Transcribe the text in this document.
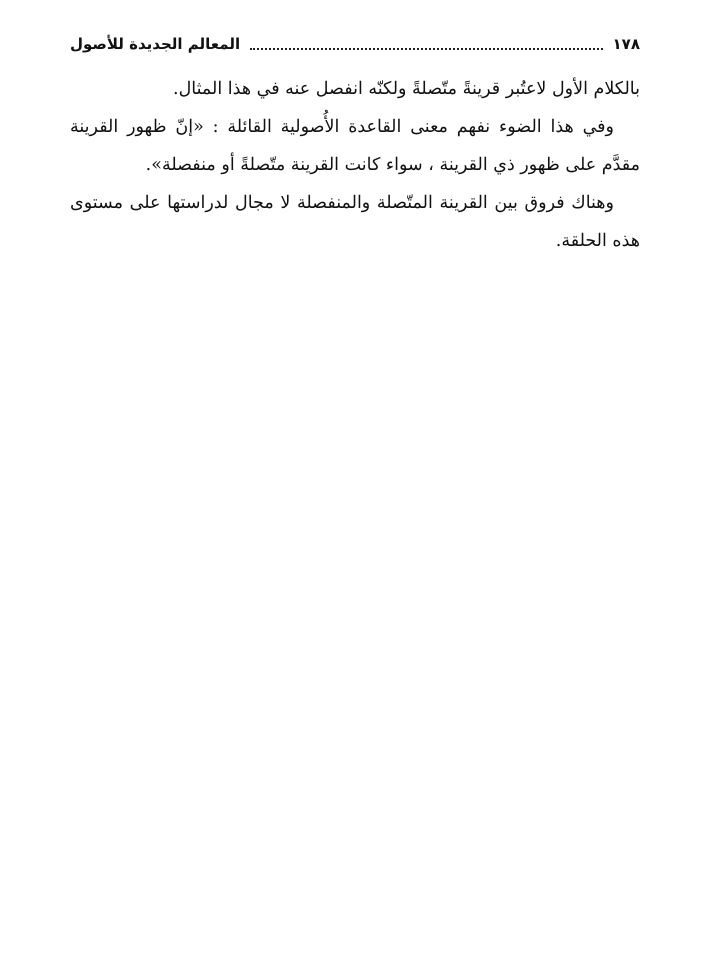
١٧٨
المعالم الجديدة للأصول

بالكلام الأول لاعتُبر قرينةً متّصلةً ولكنّه انفصل عنه في هذا المثال.

وفي هذا الضوء نفهم معنى القاعدة الأُصولية القائلة : «إنّ ظهور القرينة مقدَّم على ظهور ذي القرينة ، سواء كانت القرينة متّصلةً أو منفصلة».

وهناك فروق بين القرينة المتّصلة والمنفصلة لا مجال لدراستها على مستوى هذه الحلقة.
